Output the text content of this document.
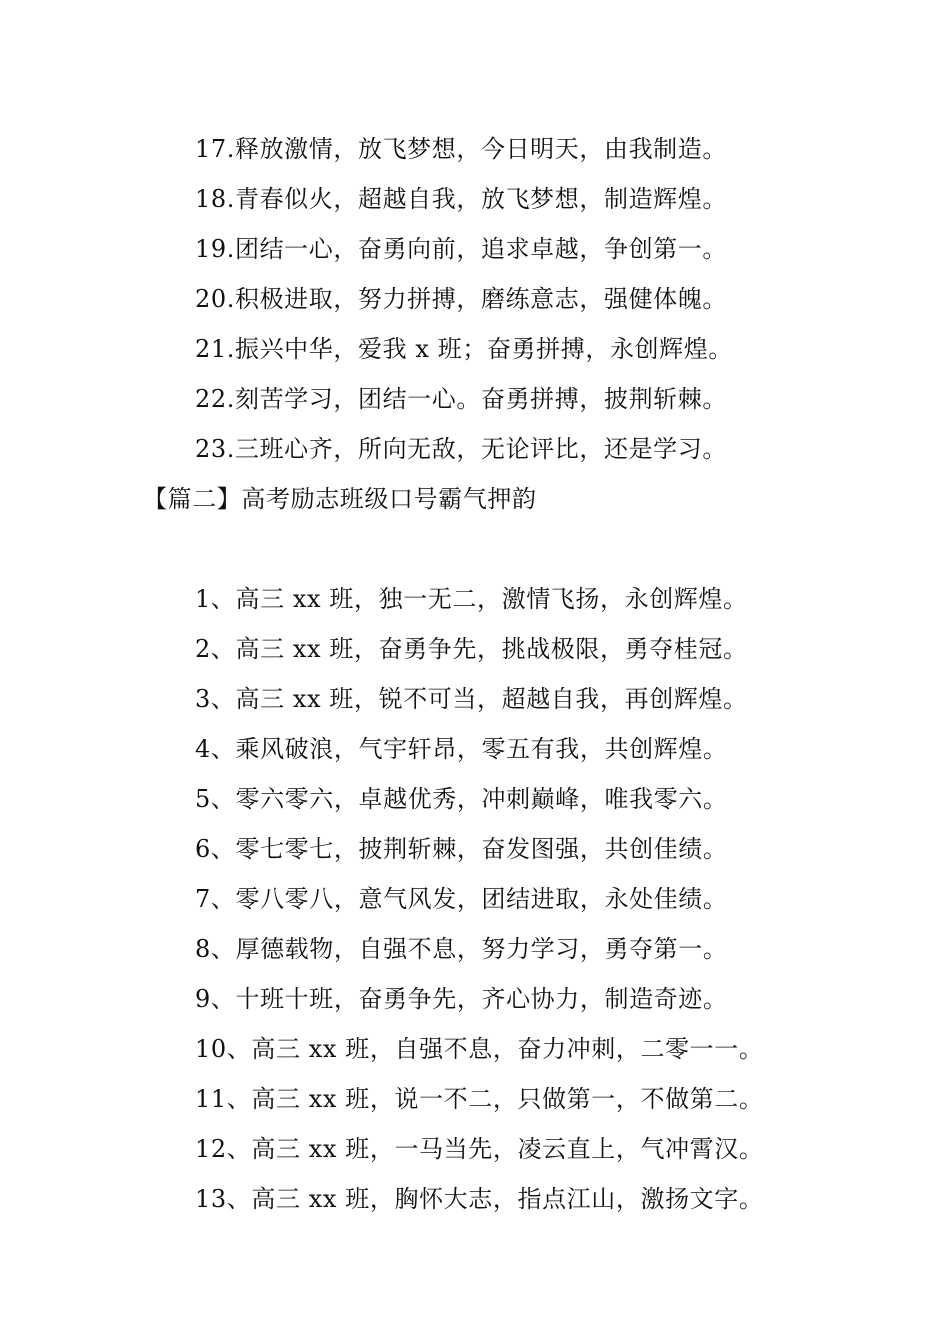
17.释放激情，放飞梦想，今日明天，由我制造。
18.青春似火，超越自我，放飞梦想，制造辉煌。
19.团结一心，奋勇向前，追求卓越，争创第一。
20.积极进取，努力拼搏，磨练意志，强健体魄。
21.振兴中华，爱我 x 班；奋勇拼搏，永创辉煌。
22.刻苦学习，团结一心。奋勇拼搏，披荆斩棘。
23.三班心齐，所向无敌，无论评比，还是学习。
【篇二】高考励志班级口号霸气押韵
1、高三 xx 班，独一无二，激情飞扬，永创辉煌。
2、高三 xx 班，奋勇争先，挑战极限，勇夺桂冠。
3、高三 xx 班，锐不可当，超越自我，再创辉煌。
4、乘风破浪，气宇轩昂，零五有我，共创辉煌。
5、零六零六，卓越优秀，冲刺巅峰，唯我零六。
6、零七零七，披荆斩棘，奋发图强，共创佳绩。
7、零八零八，意气风发，团结进取，永处佳绩。
8、厚德载物，自强不息，努力学习，勇夺第一。
9、十班十班，奋勇争先，齐心协力，制造奇迹。
10、高三 xx 班，自强不息，奋力冲刺，二零一一。
11、高三 xx 班，说一不二，只做第一，不做第二。
12、高三 xx 班，一马当先，凌云直上，气冲霄汉。
13、高三 xx 班，胸怀大志，指点江山，激扬文字。
